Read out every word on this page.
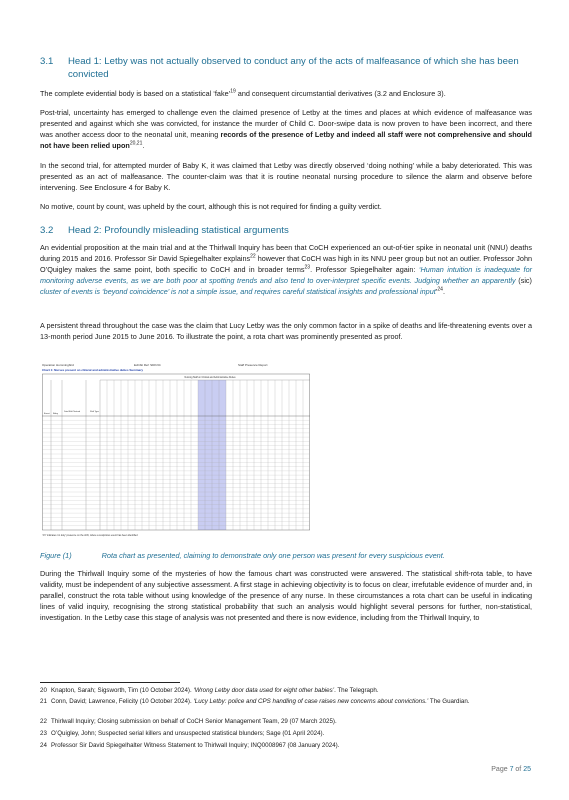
3.1 Head 1: Letby was not actually observed to conduct any of the acts of malfeasance of which she has been convicted

The complete evidential body is based on a statistical ‘fake’$^{19}$ and consequent circumstantial derivatives (3.2 and Enclosure 3).

Post-trial, uncertainty has emerged to challenge even the claimed presence of Letby at the times and places at which evidence of malfeasance was presented and against which she was convicted, for instance the murder of Child C. Door-swipe data is now proven to have been incorrect, and there was another access door to the neonatal unit, meaning records of the presence of Letby and indeed all staff were not comprehensive and should not have been relied upon$^{20,21}$.

In the second trial, for attempted murder of Baby K, it was claimed that Letby was directly observed ‘doing nothing’ while a baby deteriorated. This was presented as an act of malfeasance. The counter-claim was that it is routine neonatal nursing procedure to silence the alarm and observe before intervening. See Enclosure 4 for Baby K.

No motive, count by count, was upheld by the court, although this is not required for finding a guilty verdict.

3.2 Head 2: Profoundly misleading statistical arguments

An evidential proposition at the main trial and at the Thirlwall Inquiry has been that CoCH experienced an out-of-tier spike in neonatal unit (NNU) deaths during 2015 and 2016. Professor Sir David Spiegelhalter explains$^{22}$ however that CoCH was high in its NNU peer group but not an outlier. Professor John O’Quigley makes the same point, both specific to CoCH and in broader terms$^{23}$. Professor Spiegelhalter again: ‘Human intuition is inadequate for monitoring adverse events, as we are both poor at spotting trends and also tend to over-interpret specific events. Judging whether an apparently (sic) cluster of events is ‘beyond coincidence’ is not a simple issue, and requires careful statistical insights and professional input’$^{24}$.

A persistent thread throughout the case was the claim that Lucy Letby was the only common factor in a spike of deaths and life-threatening events over a 13-month period June 2015 to June 2016. To illustrate the point, a rota chart was prominently presented as proof.

Operation Hummingbird	Exhibit Ref: SDK/34	Staff Presence Report
Chart 1: Nurses present on clinical and administrative duties Summary
Nursing Staff on Clinical and Administrative Duties
Event Baby
Date/Shift Noticed	Shift Type
'1'X' indicates 'on duty' presence on the shift, where a suspicious event has been identified
Figure (1)	Rota chart as presented, claiming to demonstrate only one person was present for every suspicious event.

During the Thirlwall Inquiry some of the mysteries of how the famous chart was constructed were answered. The statistical shift-rota table, to have validity, must be independent of any subjective assessment. A first stage in achieving objectivity is to focus on clear, irrefutable evidence of murder and, in parallel, construct the rota table without using knowledge of the presence of any nurse. In these circumstances a rota chart can be useful in indicating lines of valid inquiry, recognising the strong statistical probability that such an analysis would highlight several persons for further, non-statistical, investigation. In the Letby case this stage of analysis was not presented and there is now evidence, including from the Thirlwall Inquiry, to

20 Knapton, Sarah; Sigsworth, Tim (10 October 2024). ‘Wrong Letby door data used for eight other babies’. The Telegraph.
21 Conn, David; Lawrence, Felicity (10 October 2024). ‘Lucy Letby: police and CPS handling of case raises new concerns about convictions.’ The Guardian.
22 Thirlwall Inquiry; Closing submission on behalf of CoCH Senior Management Team, 29 (07 March 2025).
23 O’Quigley, John; Suspected serial killers and unsuspected statistical blunders; Sage (01 April 2024).
24 Professor Sir David Spiegelhalter Witness Statement to Thirlwall Inquiry; INQ0008967 (08 January 2024).
Page 7 of 25
